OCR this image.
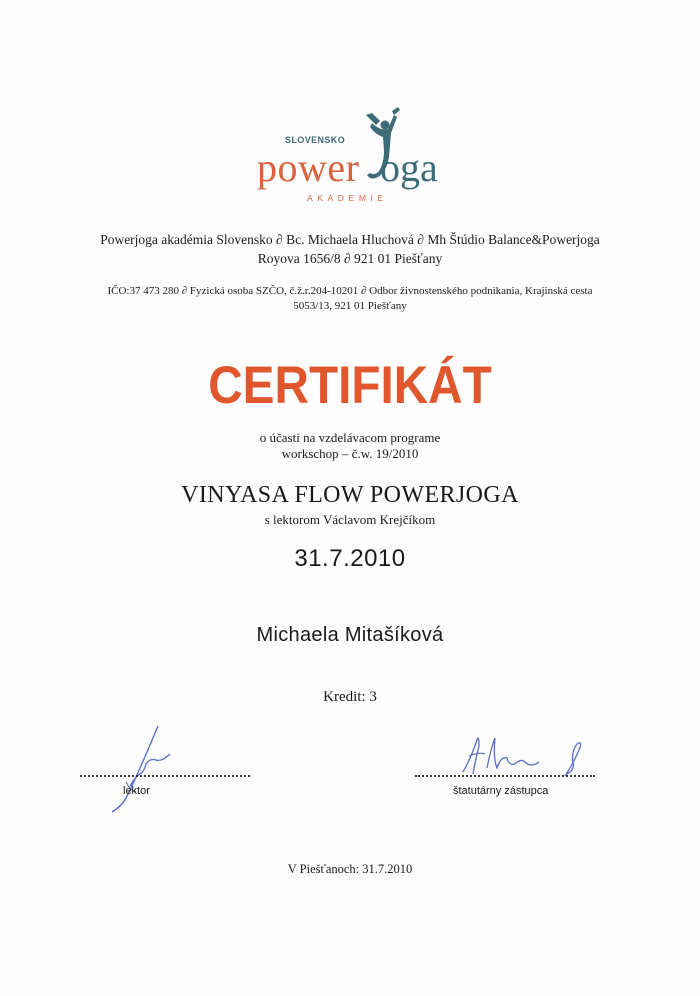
SLOVENSKO
power oga
AKADEMIE
Powerjoga akadémia Slovensko ∂ Bc. Michaela Hluchová ∂ Mh Štúdio Balance&Powerjoga
Royova 1656/8 ∂ 921 01 Piešťany
IČO:37 473 280 ∂ Fyzická osoba SZČO, č.ž.r.204-10201 ∂ Odbor živnostenského podnikania, Krajinská cesta
5053/13, 921 01 Piešťany
CERTIFIKÁT
o účasti na vzdelávacom programe
workschop – č.w. 19/2010
VINYASA FLOW POWERJOGA
s lektorom Václavom Krejčíkom
31.7.2010
Michaela Mitašíková
Kredit: 3
lektor	štatutárny zástupca
V Piešťanoch: 31.7.2010
